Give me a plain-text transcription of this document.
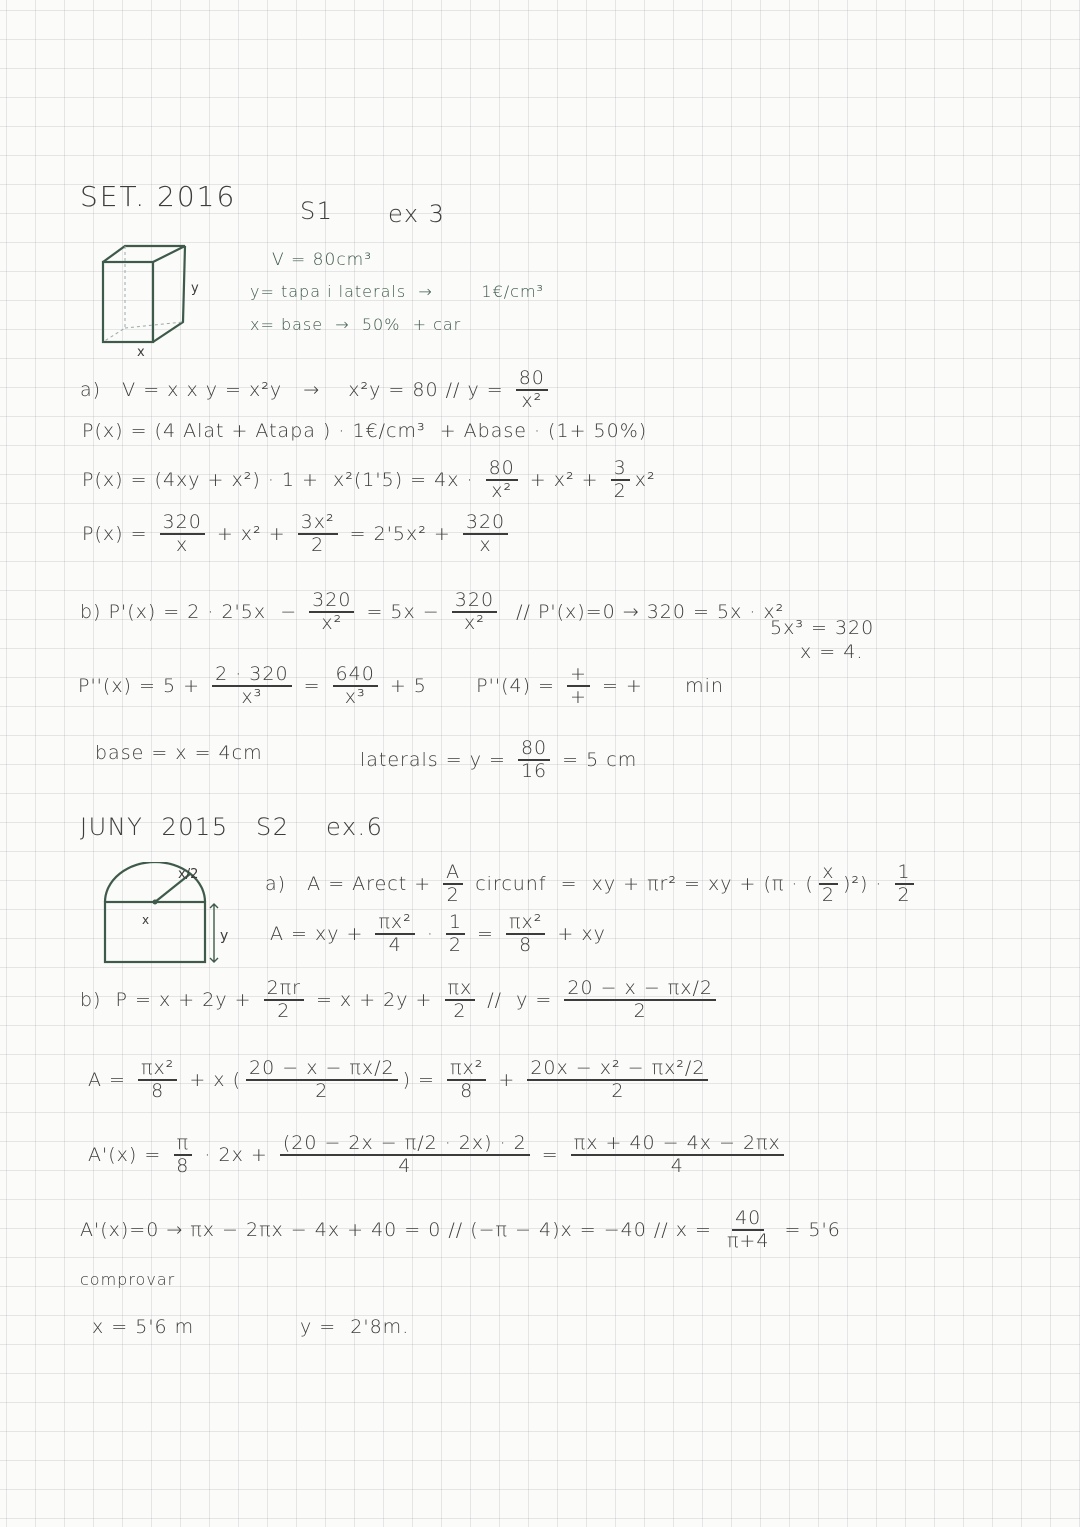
SET. 2016	S1 ex 3
y
x
V = 80cm³
y= tapa i laterals  →        1€/cm³
x= base  →  50%  + car
a)   V = x x y = x²y   →    $x^2y = 80 // y = \frac{80}{\text{x²}}$
P(x) = (4 Alat + Atapa ) · 1€/cm³  + Abase · (1+ 50%)
$P(x) = (4xy + x^2) \cdot 1 + x^2(1'5) = 4x \cdot \frac{80}{\text{x²}} + x^2 + \frac{3}{2} x^2$
$P(x) = \frac{320}{x} + x^2 + \frac{\text{3x²}}{2} = 2'5x^2 + \frac{320}{x}$
b) $P'(x) = 2 \cdot 2'5x - \frac{320}{\text{x²}} = 5x - \frac{320}{\text{x²}} // P'(x)=0 \to 320 = 5x \cdot x^2$
5x³ = 320
x = 4.
$P''(x) = 5 + \frac{2 \cdot 320}{\text{x³}} = \frac{640}{\text{x³}} + 5$       $P''(4) = \frac{+}{+}$ = +      min
base = x = 4cm	laterals = $y = \frac{80}{16} = 5$ cm
JUNY  2015   S2    ex.6
x/2
x
y
a)   A = Arect + $\frac{A}{2}$ circunf  =  xy + πr² = xy + (π · ( $\frac{x}{2} )^2) \cdot \frac{1}{2}$
A = xy + $\frac{\text{πx²}}{4} \cdot \frac{1}{2} = \frac{\text{πx²}}{8}$ + xy
b)  $P = x + 2y + \frac{2\pi r}{2} = x + 2y + \frac{\pi x}{2} // y = \frac{20 - x - \pi x/2}{2}$
$A = \frac{\text{πx²}}{8} + x$ ( $\frac{20 - x - \pi x/2}{2}$ ) = $\frac{\text{πx²}}{8} + \frac{\text{20x − x² − πx²/2}}{2}$
$A'(x) = \frac{\pi}{8} \cdot 2x + \frac{(20 - 2x - \pi/2 \cdot 2x) \cdot 2}{4} = \frac{\pi x + 40 - 4x - 2\pi x}{4}$
$A'(x)=0 \to \pi x - 2\pi x - 4x + 40 = 0 // (-\pi - 4)x = -40 // x = \frac{40}{\pi+4} = 5'6$
comprovar
x = 5'6 m	y =  2'8m.
